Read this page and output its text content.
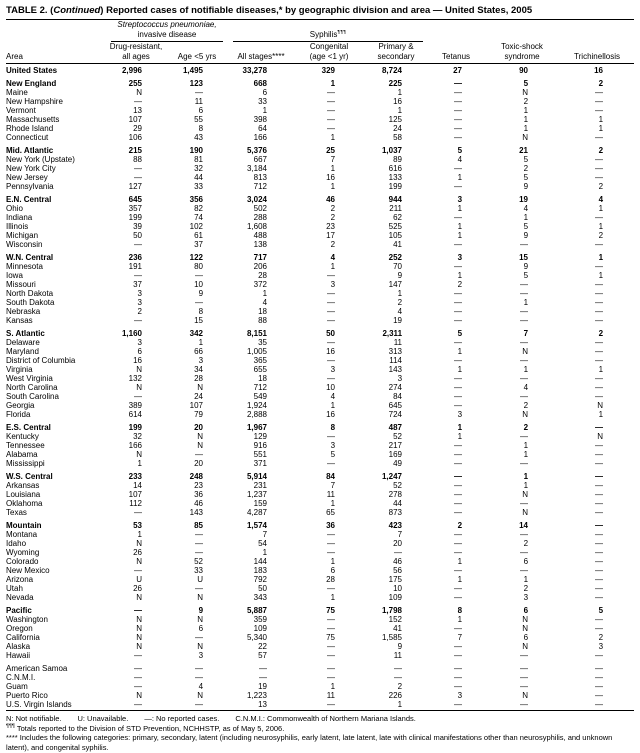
TABLE 2. (Continued) Reported cases of notifiable diseases,* by geographic division and area — United States, 2005
	Streptococcus pneumoniae,							

	invasive disease		Syphilis¶¶¶

	Drug-resistant,			Congenital	Primary &		Toxic-shock	
Area	all ages	Age <5 yrs	All stages****	(age <1 yr)	secondary	Tetanus	syndrome	Trichinellosis
United States	2,996	1,495	33,278	329	8,724	27	90	16

New England	255	123	668	1	225	—	5	2
Maine	N	—	6	—	1	—	N	—
New Hampshire	—	11	33	—	16	—	2	—
Vermont	13	6	1	—	1	—	1	—
Massachusetts	107	55	398	—	125	—	1	1
Rhode Island	29	8	64	—	24	—	1	1
Connecticut	106	43	166	1	58	—	N	—

Mid. Atlantic	215	190	5,376	25	1,037	5	21	2
New York (Upstate)	88	81	667	7	89	4	5	—
New York City	—	32	3,184	1	616	—	2	—
New Jersey	—	44	813	16	133	1	5	—
Pennsylvania	127	33	712	1	199	—	9	2

E.N. Central	645	356	3,024	46	944	3	19	4
Ohio	357	82	502	2	211	1	4	1
Indiana	199	74	288	2	62	—	1	—
Illinois	39	102	1,608	23	525	1	5	1
Michigan	50	61	488	17	105	1	9	2
Wisconsin	—	37	138	2	41	—	—	—

W.N. Central	236	122	717	4	252	3	15	1
Minnesota	191	80	206	1	70	—	9	—
Iowa	—	—	28	—	9	1	5	1
Missouri	37	10	372	3	147	2	—	—
North Dakota	3	9	1	—	1	—	—	—
South Dakota	3	—	4	—	2	—	1	—
Nebraska	2	8	18	—	4	—	—	—
Kansas	—	15	88	—	19	—	—	—

S. Atlantic	1,160	342	8,151	50	2,311	5	7	2
Delaware	3	1	35	—	11	—	—	—
Maryland	6	66	1,005	16	313	1	N	—
District of Columbia	16	3	365	—	114	—	—	—
Virginia	N	34	655	3	143	1	1	1
West Virginia	132	28	18	—	3	—	—	—
North Carolina	N	N	712	10	274	—	4	—
South Carolina	—	24	549	4	84	—	—	—
Georgia	389	107	1,924	1	645	—	2	N
Florida	614	79	2,888	16	724	3	N	1

E.S. Central	199	20	1,967	8	487	1	2	—
Kentucky	32	N	129	—	52	1	—	N
Tennessee	166	N	916	3	217	—	1	—
Alabama	N	—	551	5	169	—	1	—
Mississippi	1	20	371	—	49	—	—	—

W.S. Central	233	248	5,914	84	1,247	—	1	—
Arkansas	14	23	231	7	52	—	1	—
Louisiana	107	36	1,237	11	278	—	N	—
Oklahoma	112	46	159	1	44	—	—	—
Texas	—	143	4,287	65	873	—	N	—

Mountain	53	85	1,574	36	423	2	14	—
Montana	1	—	7	—	7	—	—	—
Idaho	N	—	54	—	20	—	2	—
Wyoming	26	—	1	—	—	—	—	—
Colorado	N	52	144	1	46	1	6	—
New Mexico	—	33	183	6	56	—	—	—
Arizona	U	U	792	28	175	1	1	—
Utah	26	—	50	—	10	—	2	—
Nevada	N	N	343	1	109	—	3	—

Pacific	—	9	5,887	75	1,798	8	6	5
Washington	N	N	359	—	152	1	N	—
Oregon	N	6	109	—	41	—	N	—
California	N	—	5,340	75	1,585	7	6	2
Alaska	N	N	22	—	9	—	N	3
Hawaii	—	3	57	—	11	—	—	—

American Samoa	—	—	—	—	—	—	—	—
C.N.M.I.	—	—	—	—	—	—	—	—
Guam	—	4	19	1	2	—	—	—
Puerto Rico	N	N	1,223	11	226	3	N	—
U.S. Virgin Islands	—	—	13	—	1	—	—	—
N: Not notifiable. U: Unavailable. —: No reported cases. C.N.M.I.: Commonwealth of Northern Mariana Islands.
¶¶¶ Totals reported to the Division of STD Prevention, NCHHSTP, as of May 5, 2006.
**** Includes the following categories: primary, secondary, latent (including neurosyphilis, early latent, late latent, late with clinical manifestations other than neurosyphilis, and unknown latent), and congenital syphilis.
